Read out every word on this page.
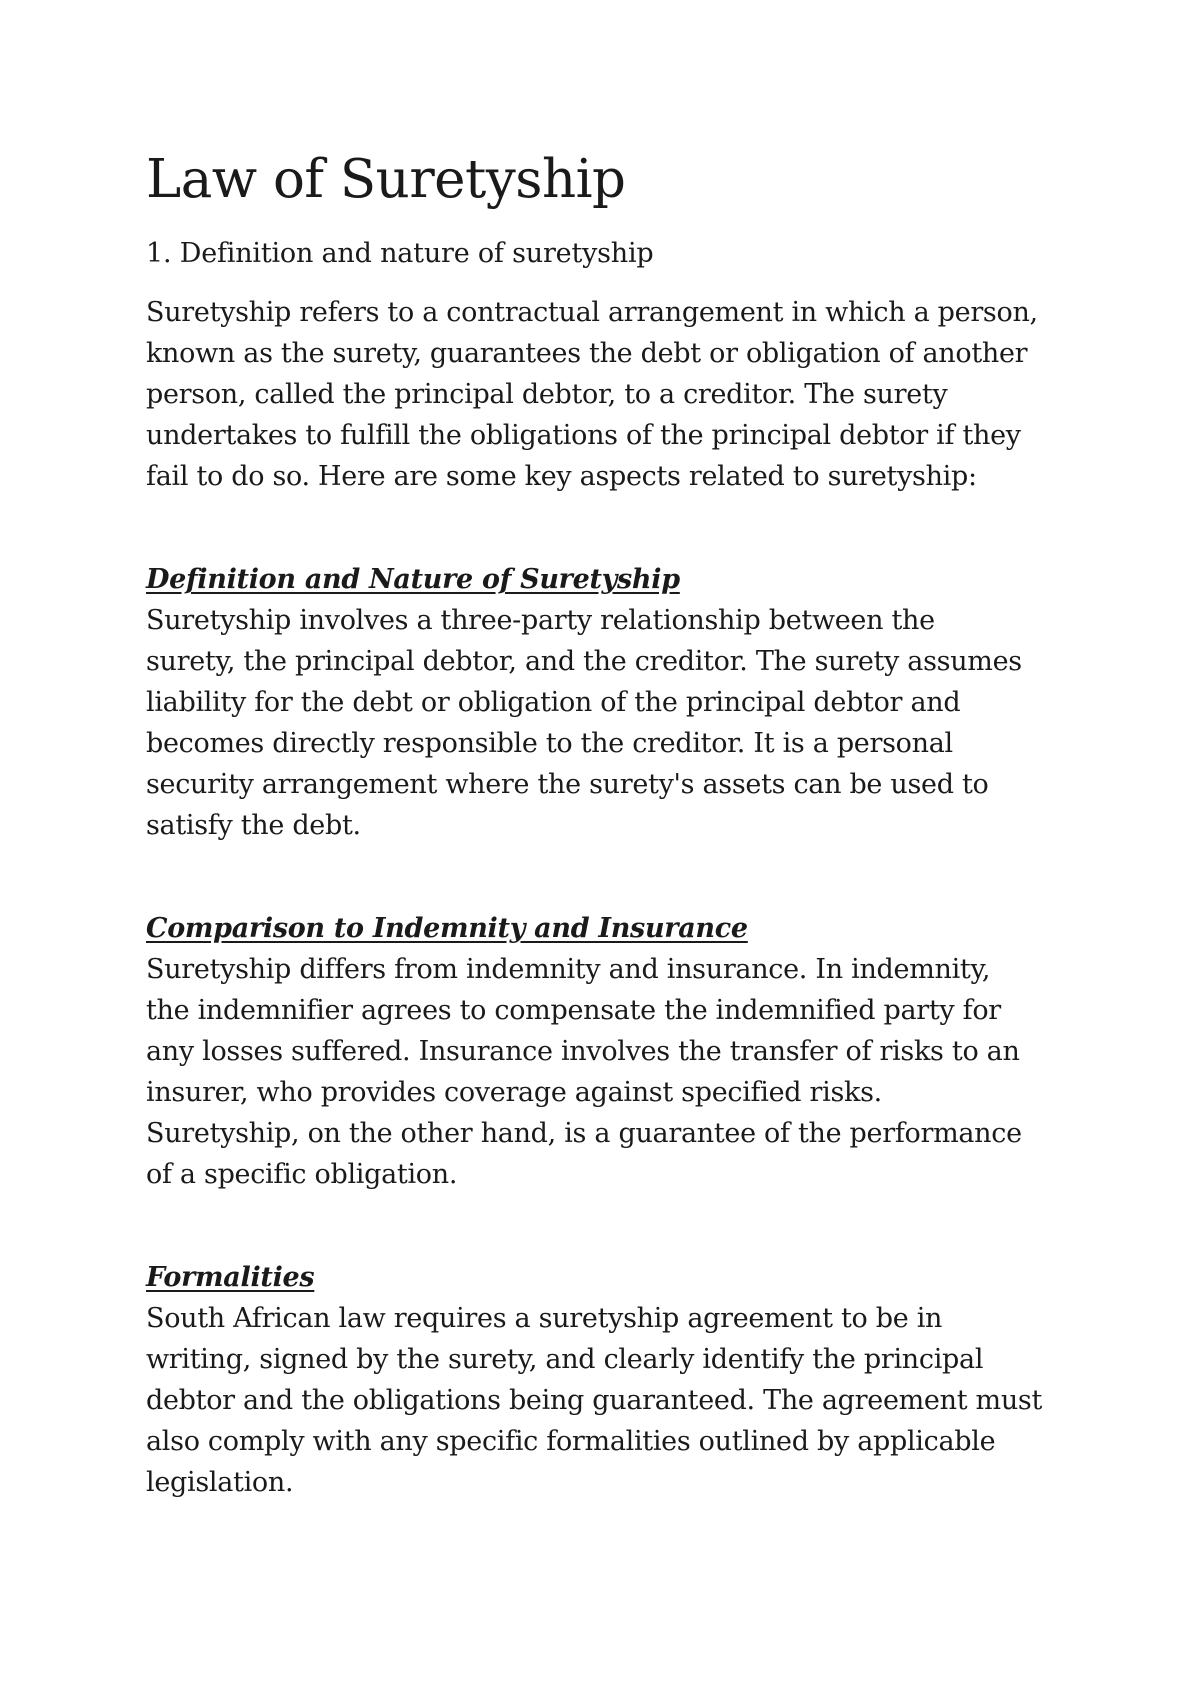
Law of Suretyship

1. Definition and nature of suretyship

Suretyship refers to a contractual arrangement in which a person,
known as the surety, guarantees the debt or obligation of another
person, called the principal debtor, to a creditor. The surety
undertakes to fulfill the obligations of the principal debtor if they
fail to do so. Here are some key aspects related to suretyship:

Definition and Nature of Suretyship

Suretyship involves a three-party relationship between the
surety, the principal debtor, and the creditor. The surety assumes
liability for the debt or obligation of the principal debtor and
becomes directly responsible to the creditor. It is a personal
security arrangement where the surety's assets can be used to
satisfy the debt.

Comparison to Indemnity and Insurance

Suretyship differs from indemnity and insurance. In indemnity,
the indemnifier agrees to compensate the indemnified party for
any losses suffered. Insurance involves the transfer of risks to an
insurer, who provides coverage against specified risks.
Suretyship, on the other hand, is a guarantee of the performance
of a specific obligation.

Formalities

South African law requires a suretyship agreement to be in
writing, signed by the surety, and clearly identify the principal
debtor and the obligations being guaranteed. The agreement must
also comply with any specific formalities outlined by applicable
legislation.
